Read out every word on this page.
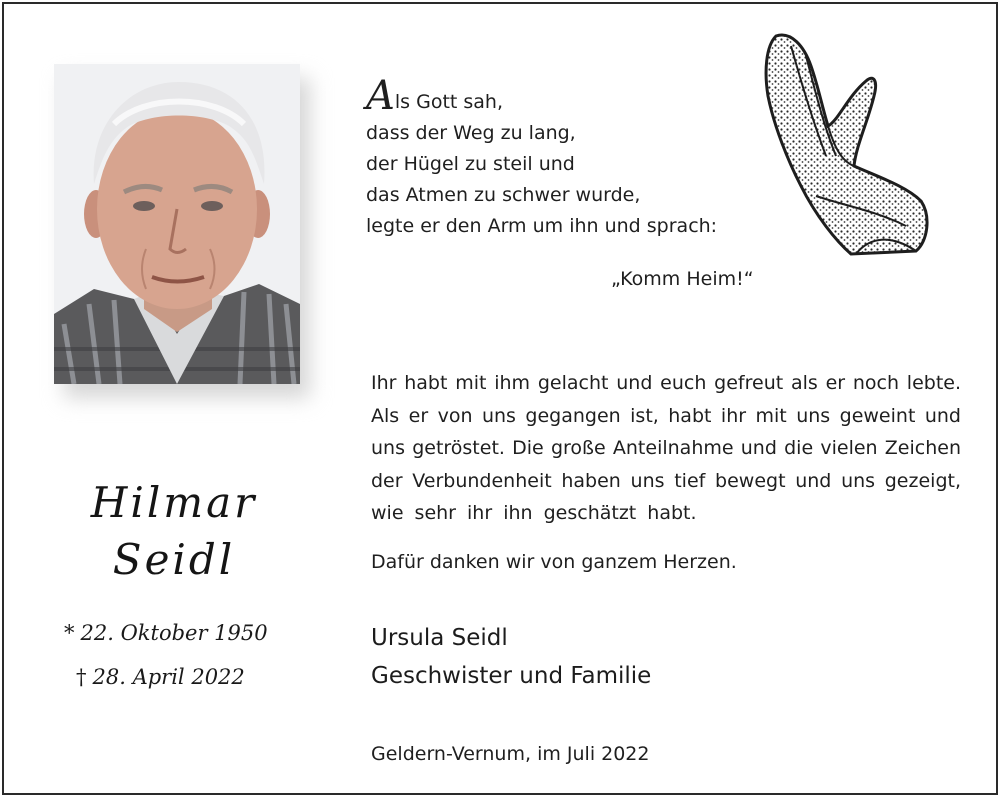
Als Gott sah,
dass der Weg zu lang,
der Hügel zu steil und
das Atmen zu schwer wurde,
legte er den Arm um ihn und sprach:
„Komm Heim!“
Ihr habt mit ihm gelacht und euch gefreut als er noch lebte.
Als er von uns gegangen ist, habt ihr mit uns geweint und
uns getröstet. Die große Anteilnahme und die vielen Zeichen
der Verbundenheit haben uns tief bewegt und uns gezeigt,
wie sehr ihr ihn geschätzt habt.
Dafür danken wir von ganzem Herzen.
Hilmar
Seidl
* 22. Oktober 1950
† 28. April 2022
Ursula Seidl
Geschwister und Familie
Geldern-Vernum, im Juli 2022
